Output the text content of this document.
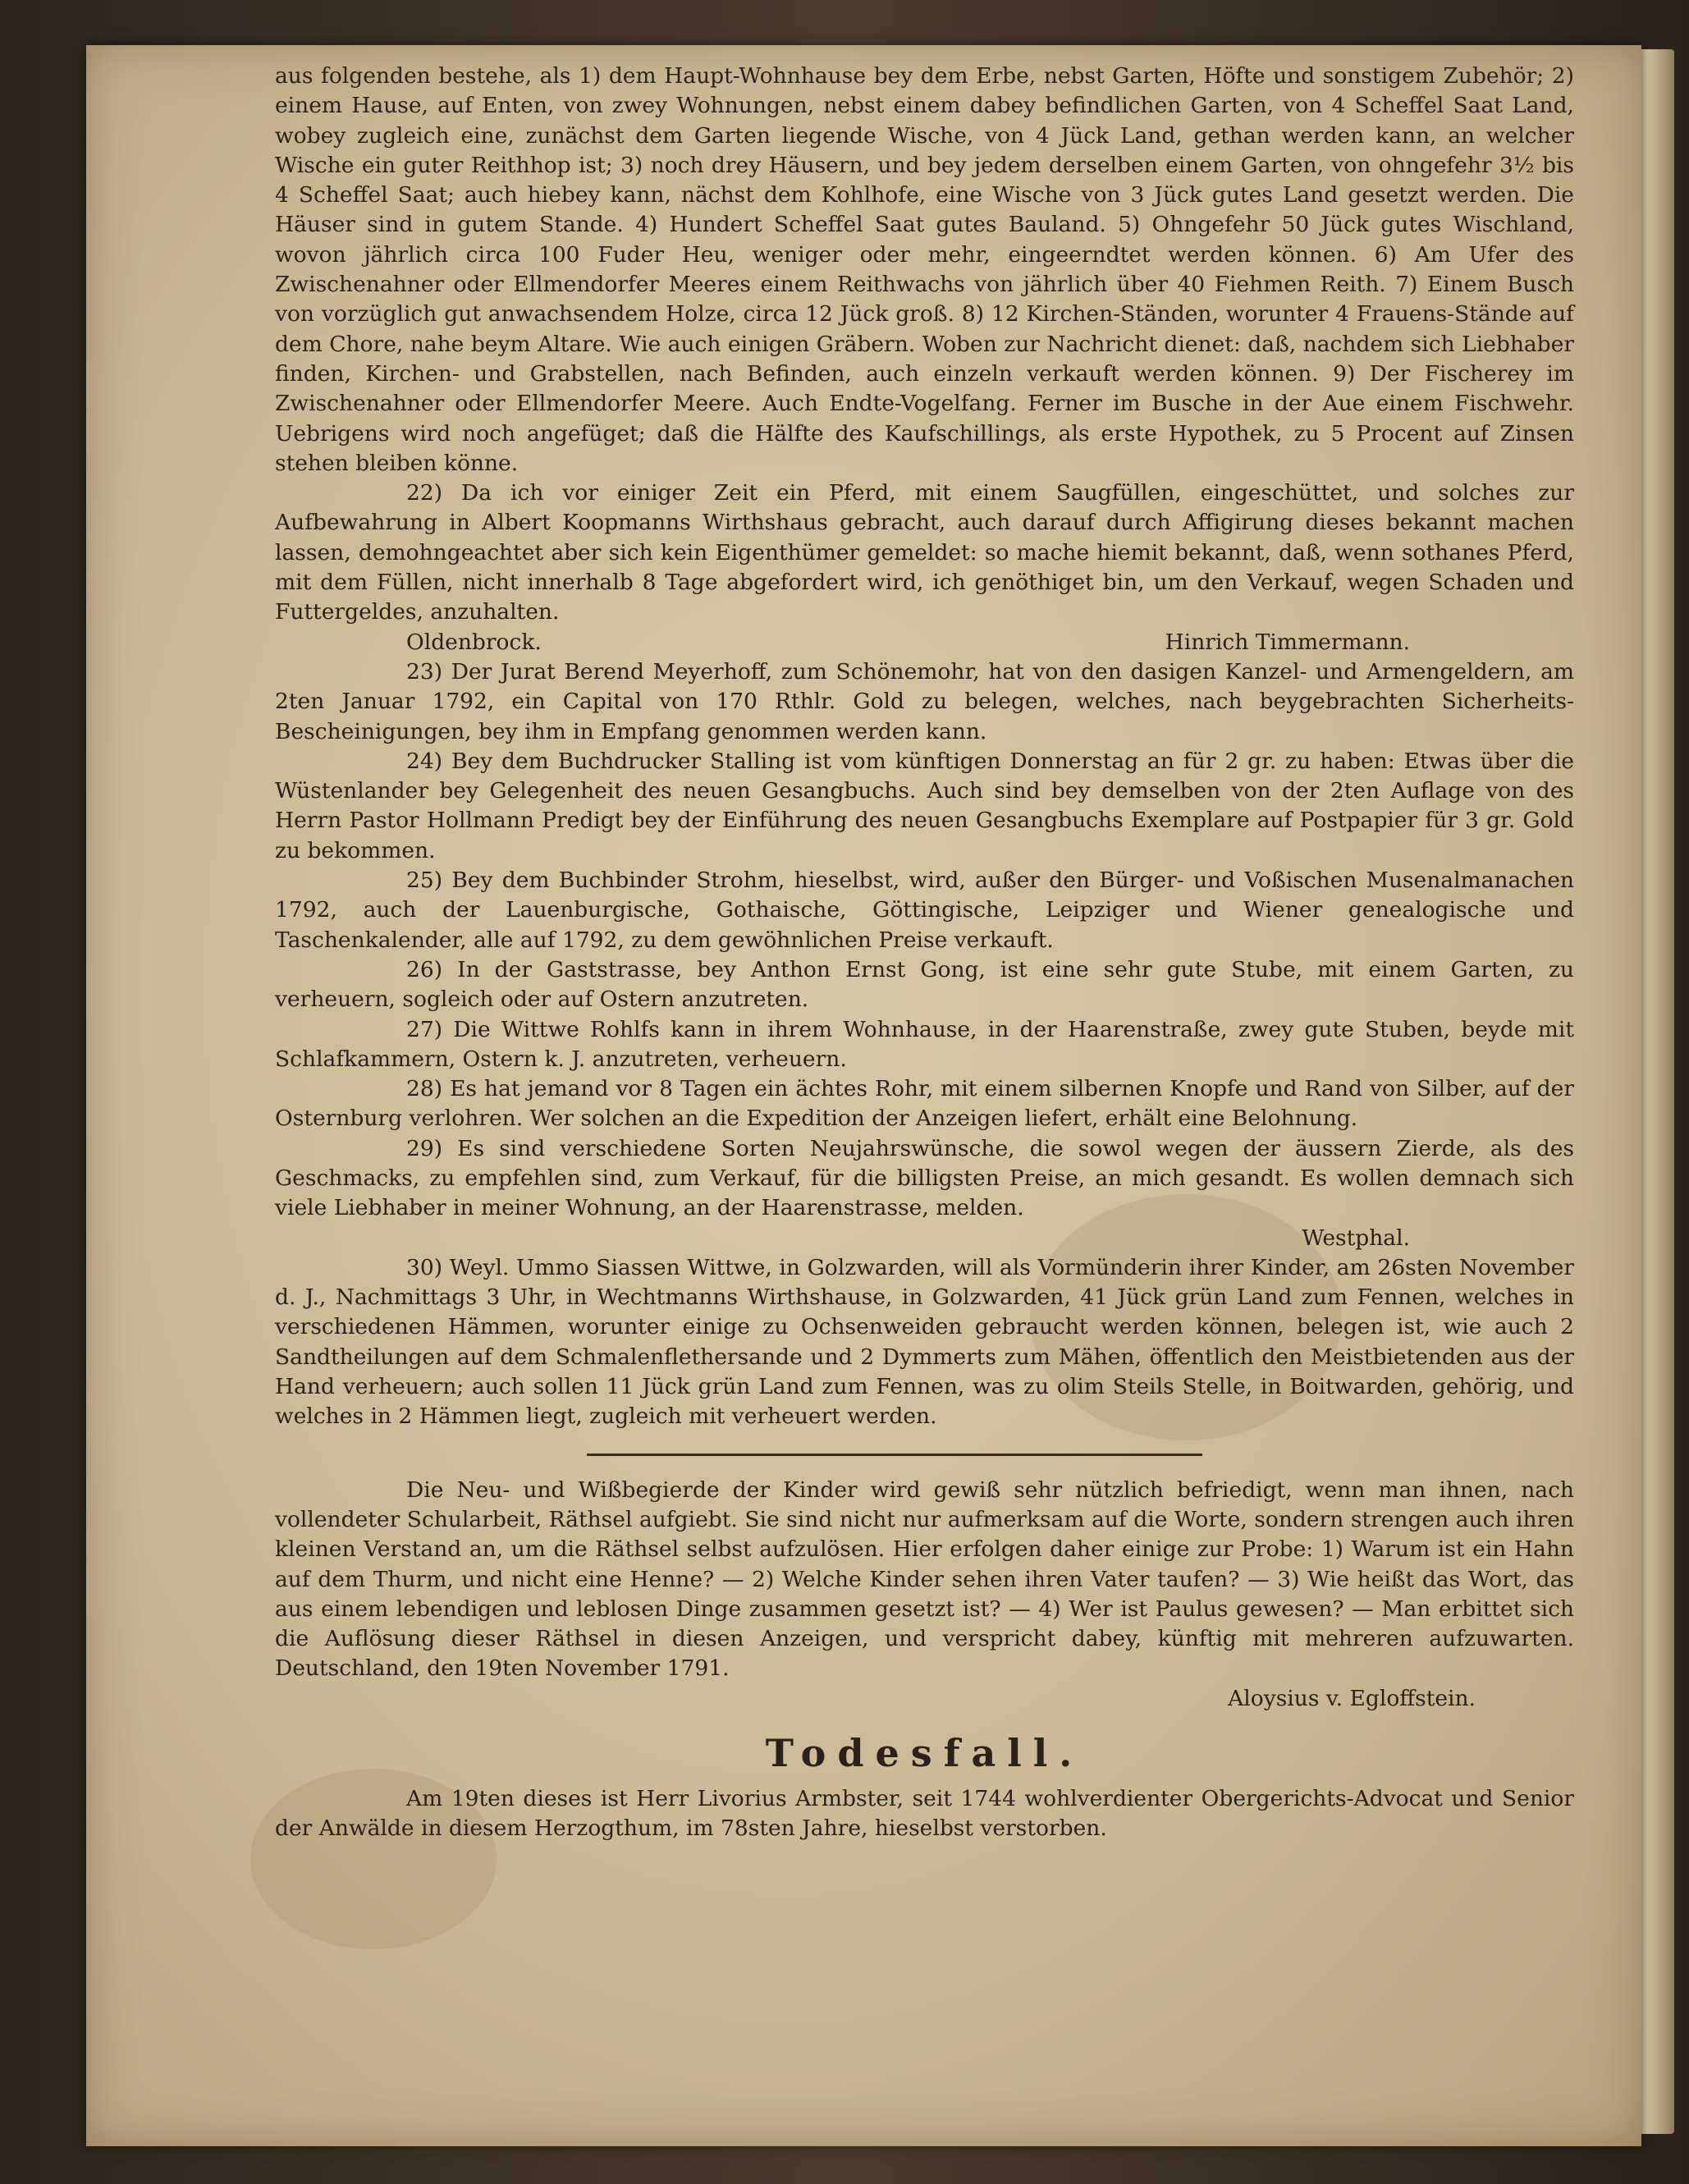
aus folgenden bestehe, als 1) dem Haupt-Wohnhause bey dem Erbe, nebst Garten, Höfte und sonstigem Zubehör; 2) einem Hause, auf Enten, von zwey Wohnungen, nebst einem dabey befindlichen Garten, von 4 Scheffel Saat Land, wobey zugleich eine, zunächst dem Garten liegende Wische, von 4 Jück Land, gethan werden kann, an welcher Wische ein guter Reithhop ist; 3) noch drey Häusern, und bey jedem derselben einem Garten, von ohngefehr 3½ bis 4 Scheffel Saat; auch hiebey kann, nächst dem Kohlhofe, eine Wische von 3 Jück gutes Land gesetzt werden. Die Häuser sind in gutem Stande. 4) Hundert Scheffel Saat gutes Bauland. 5) Ohngefehr 50 Jück gutes Wischland, wovon jährlich circa 100 Fuder Heu, weniger oder mehr, eingeerndtet werden können. 6) Am Ufer des Zwischenahner oder Ellmendorfer Meeres einem Reithwachs von jährlich über 40 Fiehmen Reith. 7) Einem Busch von vorzüglich gut anwachsendem Holze, circa 12 Jück groß. 8) 12 Kirchen-Ständen, worunter 4 Frauens-Stände auf dem Chore, nahe beym Altare. Wie auch einigen Gräbern. Woben zur Nachricht dienet: daß, nachdem sich Liebhaber finden, Kirchen- und Grabstellen, nach Befinden, auch einzeln verkauft werden können. 9) Der Fischerey im Zwischenahner oder Ellmendorfer Meere. Auch Endte-Vogelfang. Ferner im Busche in der Aue einem Fischwehr. Uebrigens wird noch angefüget; daß die Hälfte des Kaufschillings, als erste Hypothek, zu 5 Procent auf Zinsen stehen bleiben könne.

22) Da ich vor einiger Zeit ein Pferd, mit einem Saugfüllen, eingeschüttet, und solches zur Aufbewahrung in Albert Koopmanns Wirthshaus gebracht, auch darauf durch Affigirung dieses bekannt machen lassen, demohngeachtet aber sich kein Eigenthümer gemeldet: so mache hiemit bekannt, daß, wenn sothanes Pferd, mit dem Füllen, nicht innerhalb 8 Tage abgefordert wird, ich genöthiget bin, um den Verkauf, wegen Schaden und Futtergeldes, anzuhalten.

Oldenbrock.	Hinrich Timmermann.

23) Der Jurat Berend Meyerhoff, zum Schönemohr, hat von den dasigen Kanzel- und Armengeldern, am 2ten Januar 1792, ein Capital von 170 Rthlr. Gold zu belegen, welches, nach beygebrachten Sicherheits-Bescheinigungen, bey ihm in Empfang genommen werden kann.

24) Bey dem Buchdrucker Stalling ist vom künftigen Donnerstag an für 2 gr. zu haben: Etwas über die Wüstenlander bey Gelegenheit des neuen Gesangbuchs. Auch sind bey demselben von der 2ten Auflage von des Herrn Pastor Hollmann Predigt bey der Einführung des neuen Gesangbuchs Exemplare auf Postpapier für 3 gr. Gold zu bekommen.

25) Bey dem Buchbinder Strohm, hieselbst, wird, außer den Bürger- und Voßischen Musenalmanachen 1792, auch der Lauenburgische, Gothaische, Göttingische, Leipziger und Wiener genealogische und Taschenkalender, alle auf 1792, zu dem gewöhnlichen Preise verkauft.

26) In der Gaststrasse, bey Anthon Ernst Gong, ist eine sehr gute Stube, mit einem Garten, zu verheuern, sogleich oder auf Ostern anzutreten.

27) Die Wittwe Rohlfs kann in ihrem Wohnhause, in der Haarenstraße, zwey gute Stuben, beyde mit Schlafkammern, Ostern k. J. anzutreten, verheuern.

28) Es hat jemand vor 8 Tagen ein ächtes Rohr, mit einem silbernen Knopfe und Rand von Silber, auf der Osternburg verlohren. Wer solchen an die Expedition der Anzeigen liefert, erhält eine Belohnung.

29) Es sind verschiedene Sorten Neujahrswünsche, die sowol wegen der äussern Zierde, als des Geschmacks, zu empfehlen sind, zum Verkauf, für die billigsten Preise, an mich gesandt. Es wollen demnach sich viele Liebhaber in meiner Wohnung, an der Haarenstrasse, melden.

Westphal.

30) Weyl. Ummo Siassen Wittwe, in Golzwarden, will als Vormünderin ihrer Kinder, am 26sten November d. J., Nachmittags 3 Uhr, in Wechtmanns Wirthshause, in Golzwarden, 41 Jück grün Land zum Fennen, welches in verschiedenen Hämmen, worunter einige zu Ochsenweiden gebraucht werden können, belegen ist, wie auch 2 Sandtheilungen auf dem Schmalenflethersande und 2 Dymmerts zum Mähen, öffentlich den Meistbietenden aus der Hand verheuern; auch sollen 11 Jück grün Land zum Fennen, was zu olim Steils Stelle, in Boitwarden, gehörig, und welches in 2 Hämmen liegt, zugleich mit verheuert werden.

Die Neu- und Wißbegierde der Kinder wird gewiß sehr nützlich befriedigt, wenn man ihnen, nach vollendeter Schularbeit, Räthsel aufgiebt. Sie sind nicht nur aufmerksam auf die Worte, sondern strengen auch ihren kleinen Verstand an, um die Räthsel selbst aufzulösen. Hier erfolgen daher einige zur Probe: 1) Warum ist ein Hahn auf dem Thurm, und nicht eine Henne? — 2) Welche Kinder sehen ihren Vater taufen? — 3) Wie heißt das Wort, das aus einem lebendigen und leblosen Dinge zusammen gesetzt ist? — 4) Wer ist Paulus gewesen? — Man erbittet sich die Auflösung dieser Räthsel in diesen Anzeigen, und verspricht dabey, künftig mit mehreren aufzuwarten. Deutschland, den 19ten November 1791.

Aloysius v. Egloffstein.
Todesfall.

Am 19ten dieses ist Herr Livorius Armbster, seit 1744 wohlverdienter Obergerichts-Advocat und Senior der Anwälde in diesem Herzogthum, im 78sten Jahre, hieselbst verstorben.
